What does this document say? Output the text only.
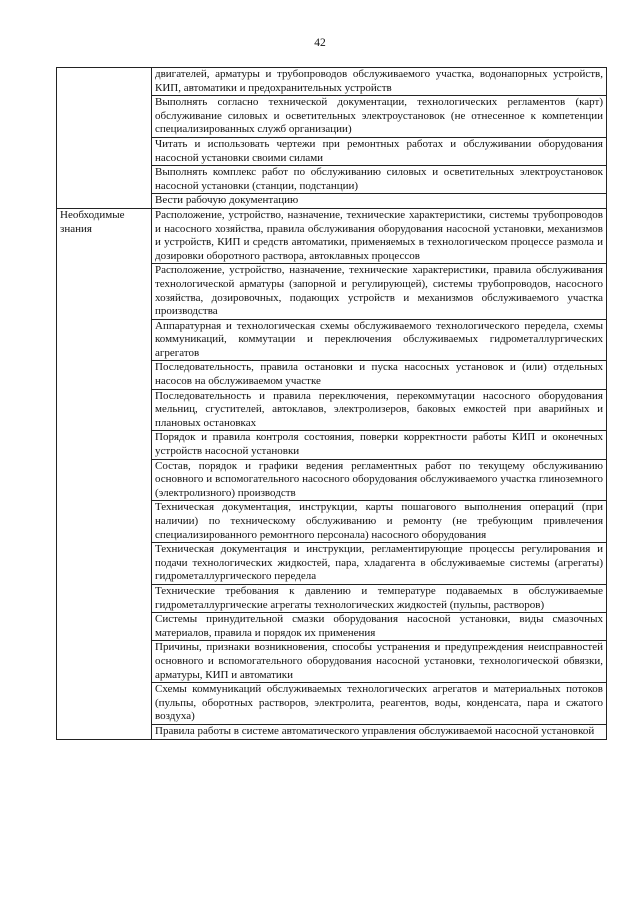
42
	двигателей, арматуры и трубопроводов обслуживаемого участка, водонапорных устройств, КИП, автоматики и предохранительных устройств
	Выполнять согласно технической документации, технологических регламентов (карт) обслуживание силовых и осветительных электроустановок (не отнесенное к компетенции специализированных служб организации)
	Читать и использовать чертежи при ремонтных работах и обслуживании оборудования насосной установки своими силами
	Выполнять комплекс работ по обслуживанию силовых и осветительных электроустановок насосной установки (станции, подстанции)
	Вести рабочую документацию
Необходимые знания	Расположение, устройство, назначение, технические характеристики, системы трубопроводов и насосного хозяйства, правила обслуживания оборудования насосной установки, механизмов и устройств, КИП и средств автоматики, применяемых в технологическом процессе размола и дозировки оборотного раствора, автоклавных процессов
	Расположение, устройство, назначение, технические характеристики, правила обслуживания технологической арматуры (запорной и регулирующей), системы трубопроводов, насосного хозяйства, дозировочных, подающих устройств и механизмов обслуживаемого участка производства
	Аппаратурная и технологическая схемы обслуживаемого технологического передела, схемы коммуникаций, коммутации и переключения обслуживаемых гидрометаллургических агрегатов
	Последовательность, правила остановки и пуска насосных установок и (или) отдельных насосов на обслуживаемом участке
	Последовательность и правила переключения, перекоммутации насосного оборудования мельниц, сгустителей, автоклавов, электролизеров, баковых емкостей при аварийных и плановых остановках
	Порядок и правила контроля состояния, поверки корректности работы КИП и оконечных устройств насосной установки
	Состав, порядок и графики ведения регламентных работ по текущему обслуживанию основного и вспомогательного насосного оборудования обслуживаемого участка глиноземного (электролизного) производств
	Техническая документация, инструкции, карты пошагового выполнения операций (при наличии) по техническому обслуживанию и ремонту (не требующим привлечения специализированного ремонтного персонала) насосного оборудования
	Техническая документация и инструкции, регламентирующие процессы регулирования и подачи технологических жидкостей, пара, хладагента в обслуживаемые системы (агрегаты) гидрометаллургического передела
	Технические требования к давлению и температуре подаваемых в обслуживаемые гидрометаллургические агрегаты технологических жидкостей (пульпы, растворов)
	Системы принудительной смазки оборудования насосной установки, виды смазочных материалов, правила и порядок их применения
	Причины, признаки возникновения, способы устранения и предупреждения неисправностей основного и вспомогательного оборудования насосной установки, технологической обвязки, арматуры, КИП и автоматики
	Схемы коммуникаций обслуживаемых технологических агрегатов и материальных потоков (пульпы, оборотных растворов, электролита, реагентов, воды, конденсата, пара и сжатого воздуха)
	Правила работы в системе автоматического управления обслуживаемой насосной установкой
